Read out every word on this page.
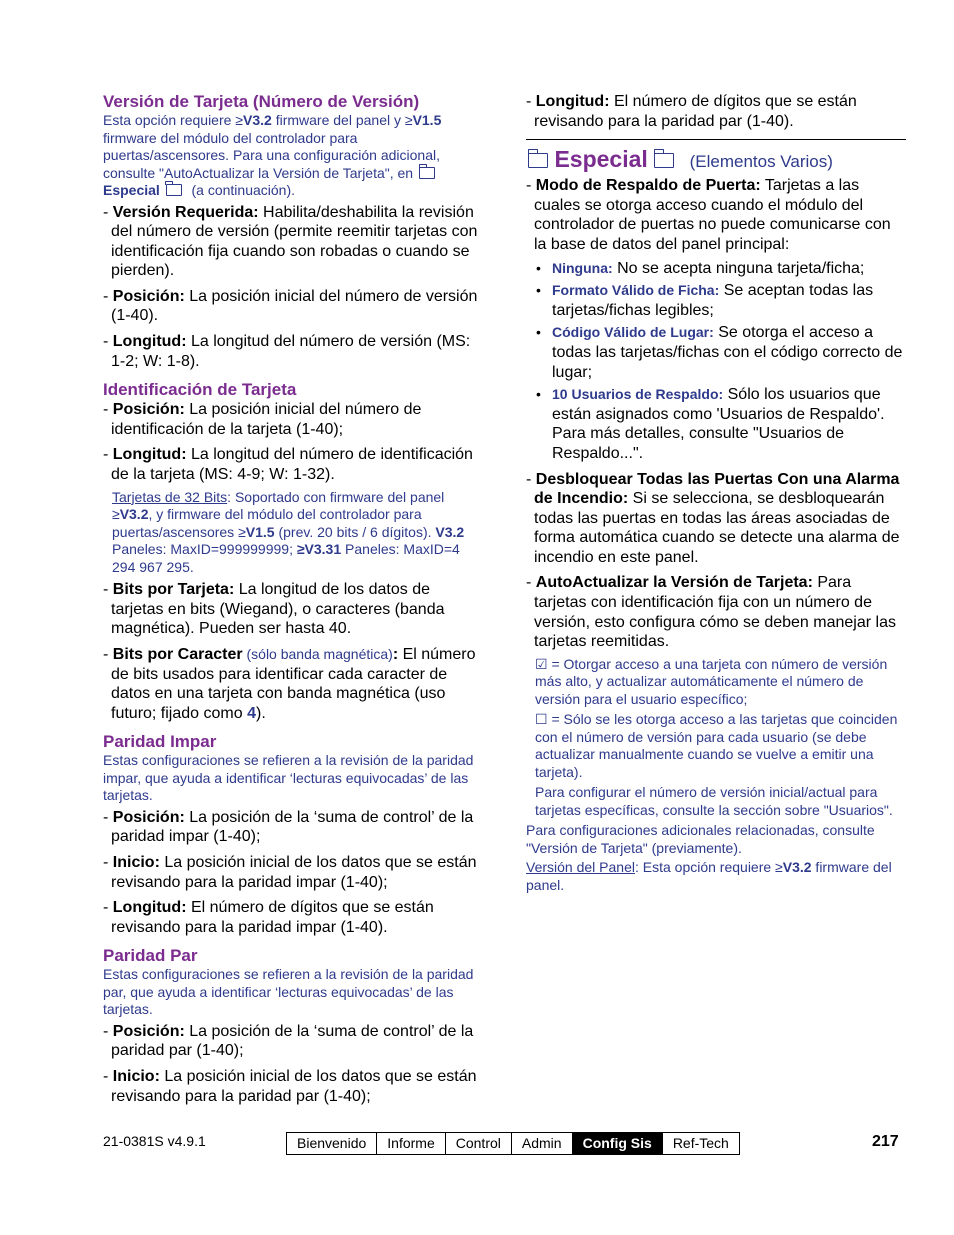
Versión de Tarjeta (Número de Versión)

Esta opción requiere ≥V3.2 firmware del panel y ≥V1.5 firmware del módulo del controlador para puertas/ascensores. Para una configuración adicional, consulte "AutoActualizar la Versión de Tarjeta", en
Especial (a continuación).

- Versión Requerida: Habilita/deshabilita la revisión del número de versión (permite reemitir tarjetas con identificación fija cuando son robadas o cuando se pierden).

- Posición: La posición inicial del número de versión (1-40).

- Longitud: La longitud del número de versión (MS: 1-2; W: 1-8).

Identificación de Tarjeta

- Posición: La posición inicial del número de identificación de la tarjeta (1-40);

- Longitud: La longitud del número de identificación de la tarjeta (MS: 4-9; W: 1-32).

Tarjetas de 32 Bits: Soportado con firmware del panel ≥V3.2, y firmware del módulo del controlador para puertas/ascensores ≥V1.5 (prev. 20 bits / 6 dígitos). V3.2 Paneles: MaxID=999999999; ≥V3.31 Paneles: MaxID=4 294 967 295.

- Bits por Tarjeta: La longitud de los datos de tarjetas en bits (Wiegand), o caracteres (banda magnética). Pueden ser hasta 40.

- Bits por Caracter (sólo banda magnética): El número de bits usados para identificar cada caracter de datos en una tarjeta con banda magnética (uso futuro; fijado como 4).

Paridad Impar

Estas configuraciones se refieren a la revisión de la paridad impar, que ayuda a identificar ‘lecturas equivocadas’ de las tarjetas.

- Posición: La posición de la ‘suma de control’ de la paridad impar (1-40);

- Inicio: La posición inicial de los datos que se están revisando para la paridad impar (1-40);

- Longitud: El número de dígitos que se están revisando para la paridad impar (1-40).

Paridad Par

Estas configuraciones se refieren a la revisión de la paridad par, que ayuda a identificar ‘lecturas equivocadas’ de las tarjetas.

- Posición: La posición de la ‘suma de control’ de la paridad par (1-40);

- Inicio: La posición inicial de los datos que se están revisando para la paridad par (1-40);

- Longitud: El número de dígitos que se están revisando para la paridad par (1-40).

Especial (Elementos Varios)

- Modo de Respaldo de Puerta: Tarjetas a las cuales se otorga acceso cuando el módulo del controlador de puertas no puede comunicarse con la base de datos del panel principal:

• Ninguna: No se acepta ninguna tarjeta/ficha;
• Formato Válido de Ficha: Se aceptan todas las tarjetas/fichas legibles;
• Código Válido de Lugar: Se otorga el acceso a todas las tarjetas/fichas con el código correcto de lugar;
• 10 Usuarios de Respaldo: Sólo los usuarios que están asignados como 'Usuarios de Respaldo'. Para más detalles, consulte "Usuarios de Respaldo...".

- Desbloquear Todas las Puertas Con una Alarma de Incendio: Si se selecciona, se desbloquearán todas las puertas en todas las áreas asociadas de forma automática cuando se detecte una alarma de incendio en este panel.

- AutoActualizar la Versión de Tarjeta: Para tarjetas con identificación fija con un número de versión, esto configura cómo se deben manejar las tarjetas reemitidas.

☑ = Otorgar acceso a una tarjeta con número de versión más alto, y actualizar automáticamente el número de versión para el usuario específico;

☐ = Sólo se les otorga acceso a las tarjetas que coinciden con el número de versión para cada usuario (se debe actualizar manualmente cuando se vuelve a emitir una tarjeta).

Para configurar el número de versión inicial/actual para tarjetas específicas, consulte la sección sobre "Usuarios".

Para configuraciones adicionales relacionadas, consulte "Versión de Tarjeta" (previamente).

Versión del Panel: Esta opción requiere ≥V3.2 firmware del panel.

21-0381S v4.9.1	Bienvenido	Informe	Control	Admin	Config Sis	Ref-Tech	217
